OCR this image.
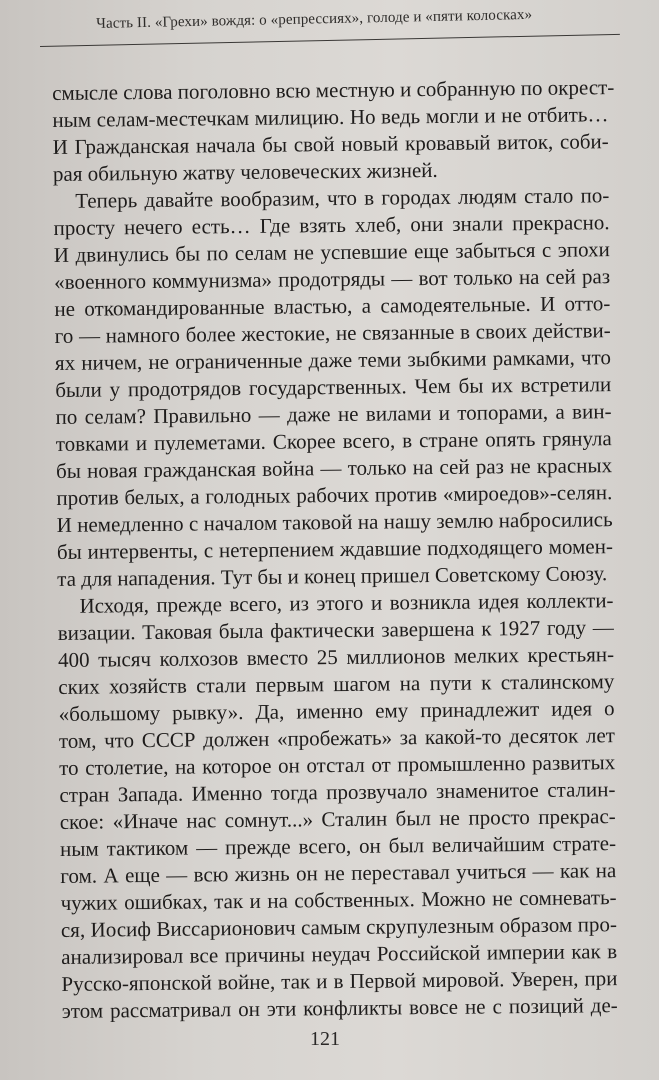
Часть II. «Грехи» вождя: о «репрессиях», голоде и «пяти колосках»
смысле слова поголовно всю местную и собранную по окрест-
ным селам-местечкам милицию. Но ведь могли и не отбить…
И Гражданская начала бы свой новый кровавый виток, соби-
рая обильную жатву человеческих жизней.
Теперь давайте вообразим, что в городах людям стало по-
просту нечего есть… Где взять хлеб, они знали прекрасно.
И двинулись бы по селам не успевшие еще забыться с эпохи
«военного коммунизма» продотряды — вот только на сей раз
не откомандированные властью, а самодеятельные. И отто-
го — намного более жестокие, не связанные в своих действи-
ях ничем, не ограниченные даже теми зыбкими рамками, что
были у продотрядов государственных. Чем бы их встретили
по селам? Правильно — даже не вилами и топорами, а вин-
товками и пулеметами. Скорее всего, в стране опять грянула
бы новая гражданская война — только на сей раз не красных
против белых, а голодных рабочих против «мироедов»-селян.
И немедленно с началом таковой на нашу землю набросились
бы интервенты, с нетерпением ждавшие подходящего момен-
та для нападения. Тут бы и конец пришел Советскому Союзу.
Исходя, прежде всего, из этого и возникла идея коллекти-
визации. Таковая была фактически завершена к 1927 году —
400 тысяч колхозов вместо 25 миллионов мелких крестьян-
ских хозяйств стали первым шагом на пути к сталинскому
«большому рывку». Да, именно ему принадлежит идея о
том, что СССР должен «пробежать» за какой-то десяток лет
то столетие, на которое он отстал от промышленно развитых
стран Запада. Именно тогда прозвучало знаменитое сталин-
ское: «Иначе нас сомнут...» Сталин был не просто прекрас-
ным тактиком — прежде всего, он был величайшим страте-
гом. А еще — всю жизнь он не переставал учиться — как на
чужих ошибках, так и на собственных. Можно не сомневать-
ся, Иосиф Виссарионович самым скрупулезным образом про-
анализировал все причины неудач Российской империи как в
Русско-японской войне, так и в Первой мировой. Уверен, при
этом рассматривал он эти конфликты вовсе не с позиций де-
121
